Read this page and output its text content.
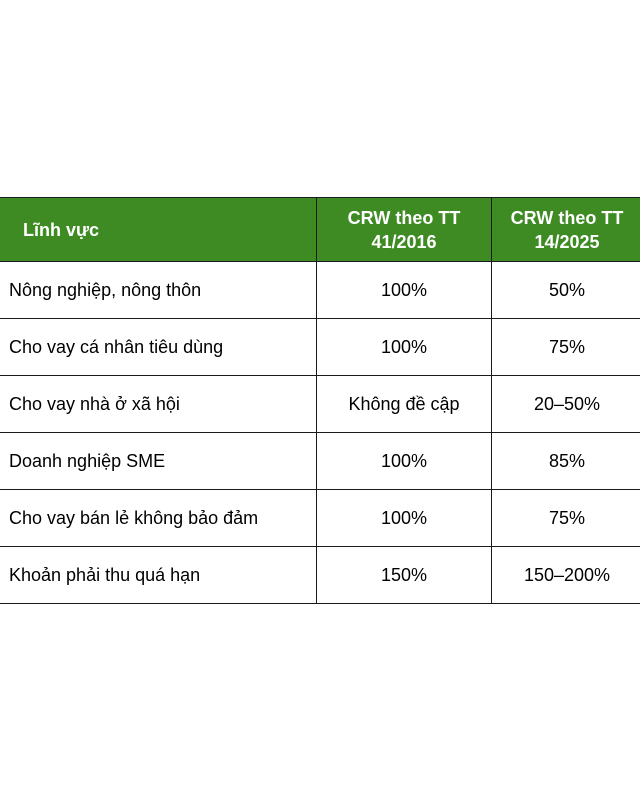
Lĩnh vực	CRW theo TT 41/2016	CRW theo TT 14/2025
Nông nghiệp, nông thôn	100%	50%
Cho vay cá nhân tiêu dùng	100%	75%
Cho vay nhà ở xã hội	Không đề cập	20–50%
Doanh nghiệp SME	100%	85%
Cho vay bán lẻ không bảo đảm	100%	75%
Khoản phải thu quá hạn	150%	150–200%
